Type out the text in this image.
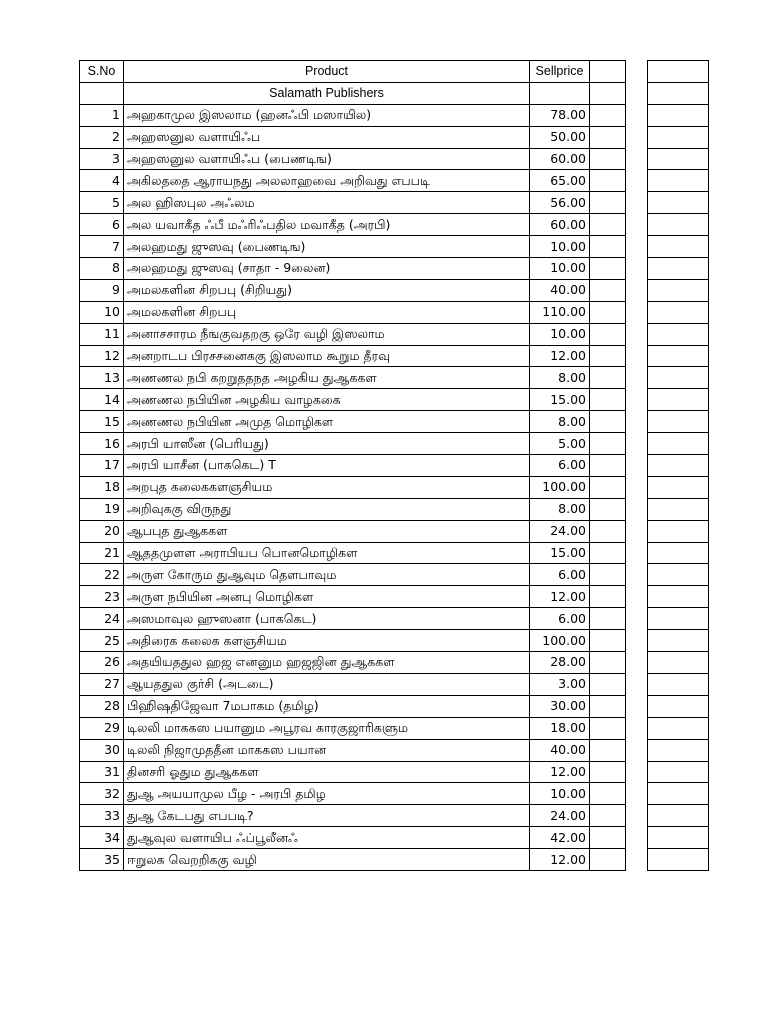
S.No	Product	Sellprice			
	Salamath Publishers				
1	அஹகாமுல இஸலாம (ஹனஃபி மஸாயில)	78.00			
2	அஹஸனுல வளாயிஃப	50.00			
3	அஹஸனுல வளாயிஃப (பைணடிங)	60.00			
4	அகிலததை ஆராயநது அலலாஹவை அறிவது எபபடி	65.00			
5	அல ஹிஸபுல அஃலம	56.00			
6	அல யவாகீத ஃபீ மஃரிஃபதில மவாகீத (அரபி)	60.00			
7	அலஹமது ஜுஸவு (பைணடிங)	10.00			
8	அலஹமது ஜுஸவு (சாதா - 9லைன)	10.00			
9	அமலகளின சிறபபு (சிறியது)	40.00			
10	அமலகளின சிறபபு	110.00			
11	அனாசசாரம நீஙகுவதறகு ஒரே வழி இஸலாம	10.00			
12	அனறாடப பிரசசனைககு இஸலாம கூறும தீரவு	12.00			
13	அணணல நபி கறறுததநத அழகிய துஆககள	8.00			
14	அணணல நபியின அழகிய வாழககை	15.00			
15	அணணல நபியின அமுத மொழிகள	8.00			
16	அரபி யாஸீன (பெரியது)	5.00			
17	அரபி யாசீன (பாககெட) T	6.00			
18	அறபுத கலைககளஞசியம	100.00			
19	அறிவுககு விருநது	8.00			
20	ஆபபுத துஆககள	24.00			
21	ஆததமுளள அராபியப பொனமொழிகள	15.00			
22	அருள கோரும துஆவும தௌபாவும	6.00			
23	அருள நபியின அனபு மொழிகள	12.00			
24	அஸமாவுல ஹுஸனா (பாககெட)	6.00			
25	அதிரைக கலைக களஞசியம	100.00			
26	அதயியததுல ஹஜ எனனும ஹஜஜின துஆககள	28.00			
27	ஆயததுல குர்சி (அடடை)	3.00			
28	பிஹிஷதிஜேவா 7மபாகம (தமிழ)	30.00			
29	டிலலி மாககஸ பயானும அபூரவ காரகுஜாரிகளும	18.00			
30	டிலலி நிஜாமுததீன மாககஸ பயான	40.00			
31	தினசரி ஓதும துஆககள	12.00			
32	துஆ அயயாமுல பீழ - அரபி தமிழ	10.00			
33	துஆ கேடபது எபபடி?	24.00			
34	துஆவுல வளாயிப ஃப்பூலீனஃ	42.00			
35	ஈறுலக வெறறிககு வழி	12.00			
